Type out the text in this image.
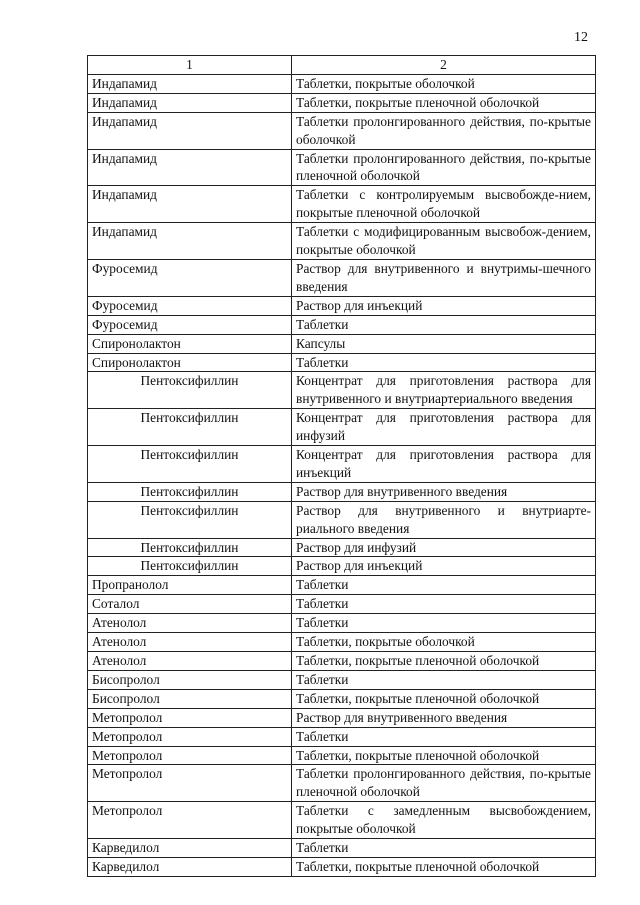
12
1	2
Индапамид	Таблетки, покрытые оболочкой
Индапамид	Таблетки, покрытые пленочной оболочкой
Индапамид	Таблетки пролонгированного действия, по-крытые оболочкой
Индапамид	Таблетки пролонгированного действия, по-крытые пленочной оболочкой
Индапамид	Таблетки с контролируемым высвобожде-нием, покрытые пленочной оболочкой
Индапамид	Таблетки с модифицированным высвобож-дением, покрытые оболочкой
Фуросемид	Раствор для внутривенного и внутримы-шечного введения
Фуросемид	Раствор для инъекций
Фуросемид	Таблетки
Спиронолактон	Капсулы
Спиронолактон	Таблетки
Пентоксифиллин	Концентрат для приготовления раствора для внутривенного и внутриартериального введения
Пентоксифиллин	Концентрат для приготовления раствора для инфузий
Пентоксифиллин	Концентрат для приготовления раствора для инъекций
Пентоксифиллин	Раствор для внутривенного введения
Пентоксифиллин	Раствор для внутривенного и внутриарте-риального введения
Пентоксифиллин	Раствор для инфузий
Пентоксифиллин	Раствор для инъекций
Пропранолол	Таблетки
Соталол	Таблетки
Атенолол	Таблетки
Атенолол	Таблетки, покрытые оболочкой
Атенолол	Таблетки, покрытые пленочной оболочкой
Бисопролол	Таблетки
Бисопролол	Таблетки, покрытые пленочной оболочкой
Метопролол	Раствор для внутривенного введения
Метопролол	Таблетки
Метопролол	Таблетки, покрытые пленочной оболочкой
Метопролол	Таблетки пролонгированного действия, по-крытые пленочной оболочкой
Метопролол	Таблетки с замедленным высвобождением, покрытые оболочкой
Карведилол	Таблетки
Карведилол	Таблетки, покрытые пленочной оболочкой
